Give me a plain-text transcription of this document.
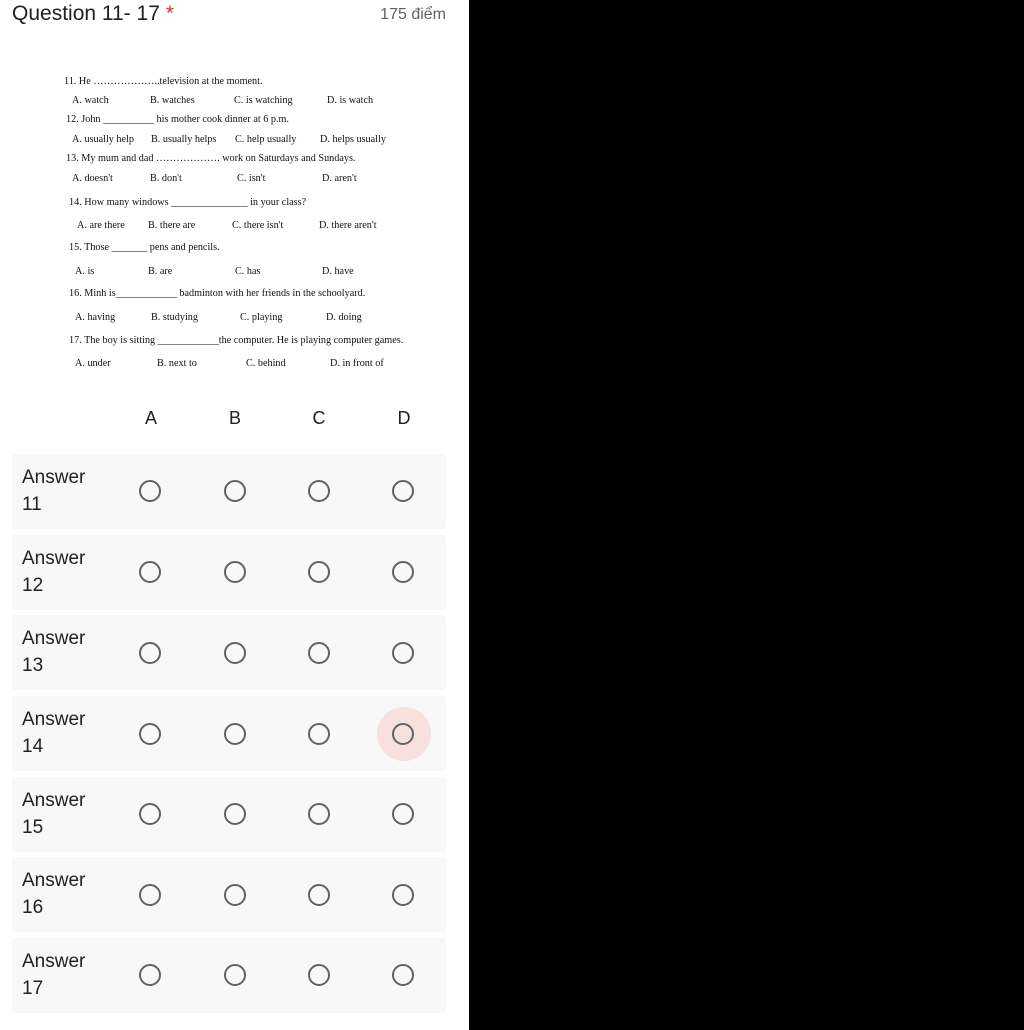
Question 11- 17 *	175 điểm
11. He ………………..television at the moment.
A. watch	B. watches	C. is watching	D. is watch
12. John __________ his mother cook dinner at 6 p.m.
A. usually help B. usually helps C. help usually D. helps usually
13. My mum and dad ………………. work on Saturdays and Sundays.
A. doesn't	B. don't	C. isn't	D. aren't
14. How many windows _______________ in your class?
A. are there B. there are	C. there isn't	D. there aren't
15. Those _______ pens and pencils.
A. is	B. are	C. has	D. have
16. Minh is____________ badminton with her friends in the schoolyard.
A. having	B. studying	C. playing	D. doing
17. The boy is sitting ____________the computer. He is playing computer games.
A. under	B. next to	C. behind	D. in front of
A	B	C	D
Answer
11
Answer
12
Answer
13
Answer
14
Answer
15
Answer
16
Answer
17
